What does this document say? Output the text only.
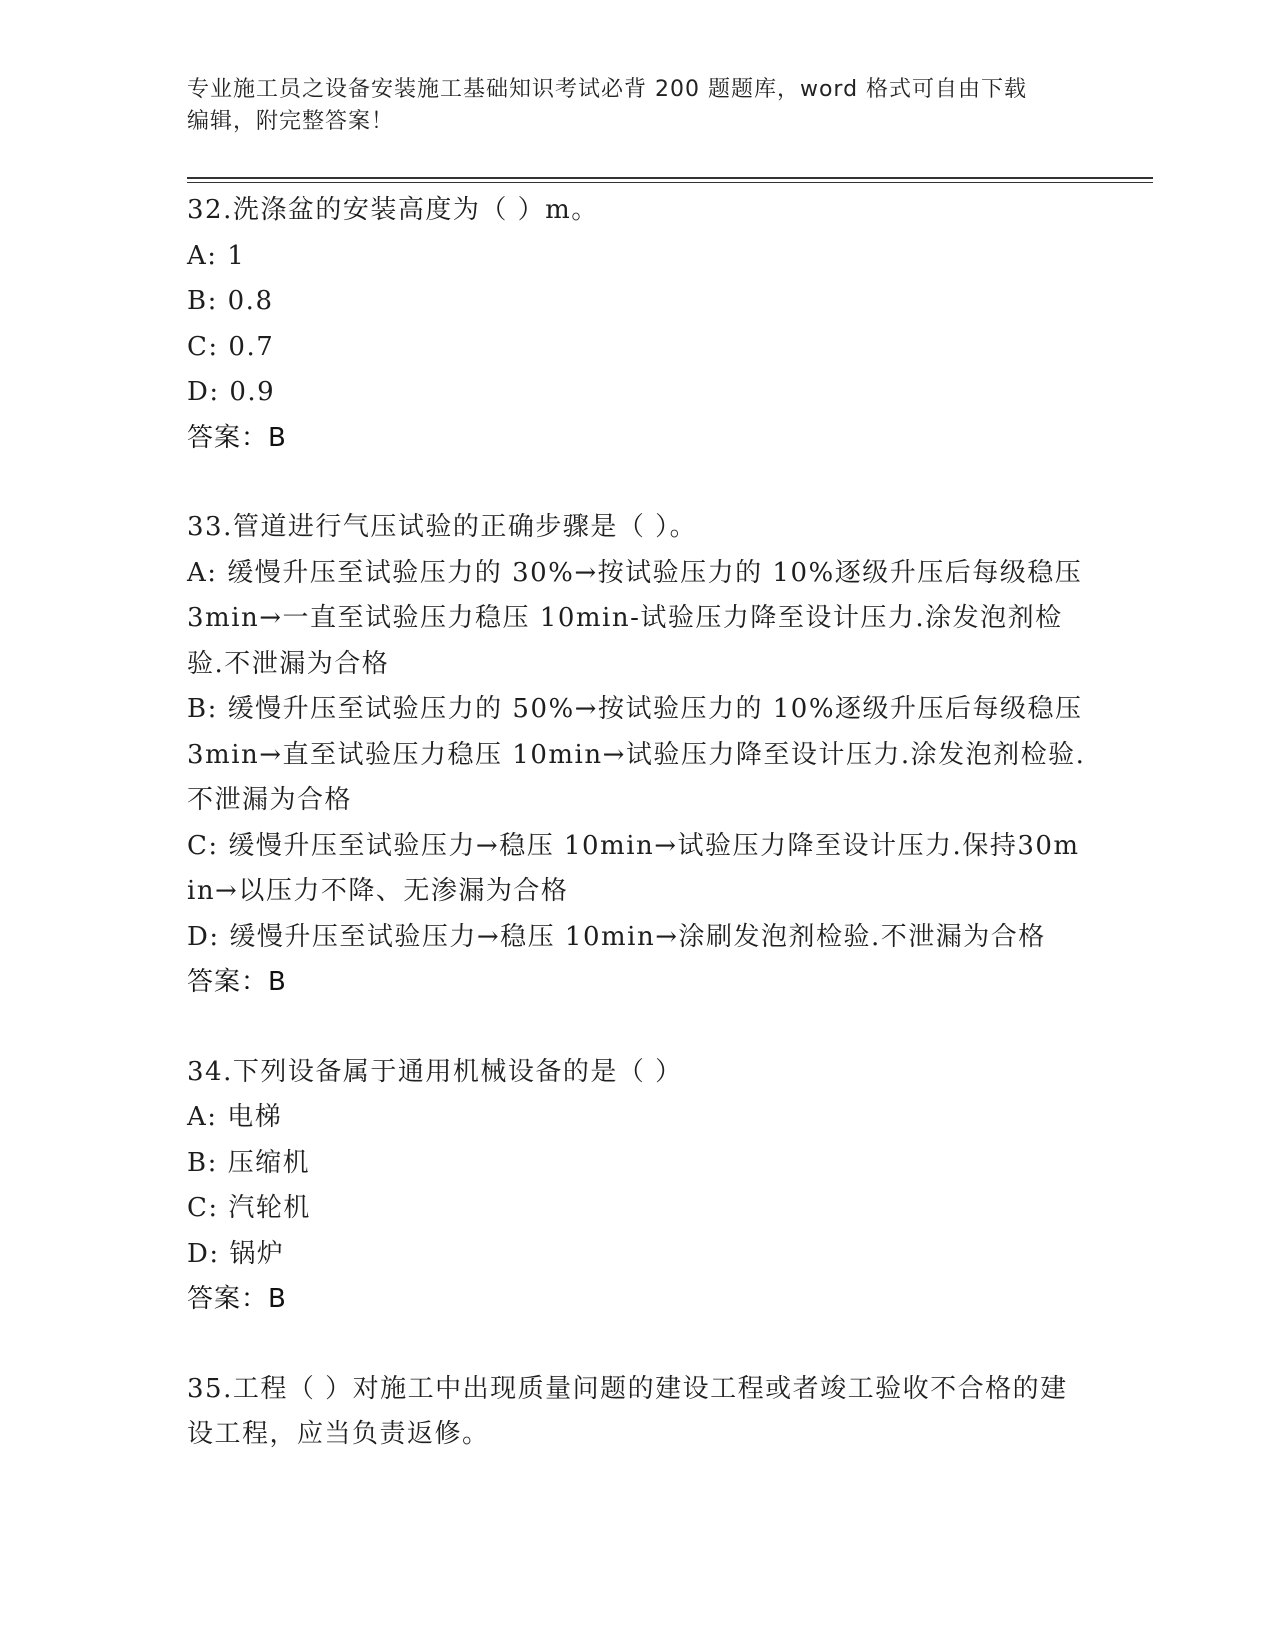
专业施工员之设备安装施工基础知识考试必背 200 题题库，word 格式可自由下载
编辑，附完整答案！
32.洗涤盆的安装高度为（ ）m。
A: 1
B: 0.8
C: 0.7
D: 0.9
答案：B
33.管道进行气压试验的正确步骤是（ ）。
A: 缓慢升压至试验压力的 30%→按试验压力的 10%逐级升压后每级稳压 3min→一直至试验压力稳压 10min-试验压力降至设计压力.涂发泡剂检验.不泄漏为合格
B: 缓慢升压至试验压力的 50%→按试验压力的 10%逐级升压后每级稳压 3min→直至试验压力稳压 10min→试验压力降至设计压力.涂发泡剂检验.不泄漏为合格
C: 缓慢升压至试验压力→稳压 10min→试验压力降至设计压力.保持30min→以压力不降、无渗漏为合格
D: 缓慢升压至试验压力→稳压 10min→涂刷发泡剂检验.不泄漏为合格
答案：B
34.下列设备属于通用机械设备的是（ ）
A: 电梯
B: 压缩机
C: 汽轮机
D: 锅炉
答案：B
35.工程（ ）对施工中出现质量问题的建设工程或者竣工验收不合格的建设工程，应当负责返修。
